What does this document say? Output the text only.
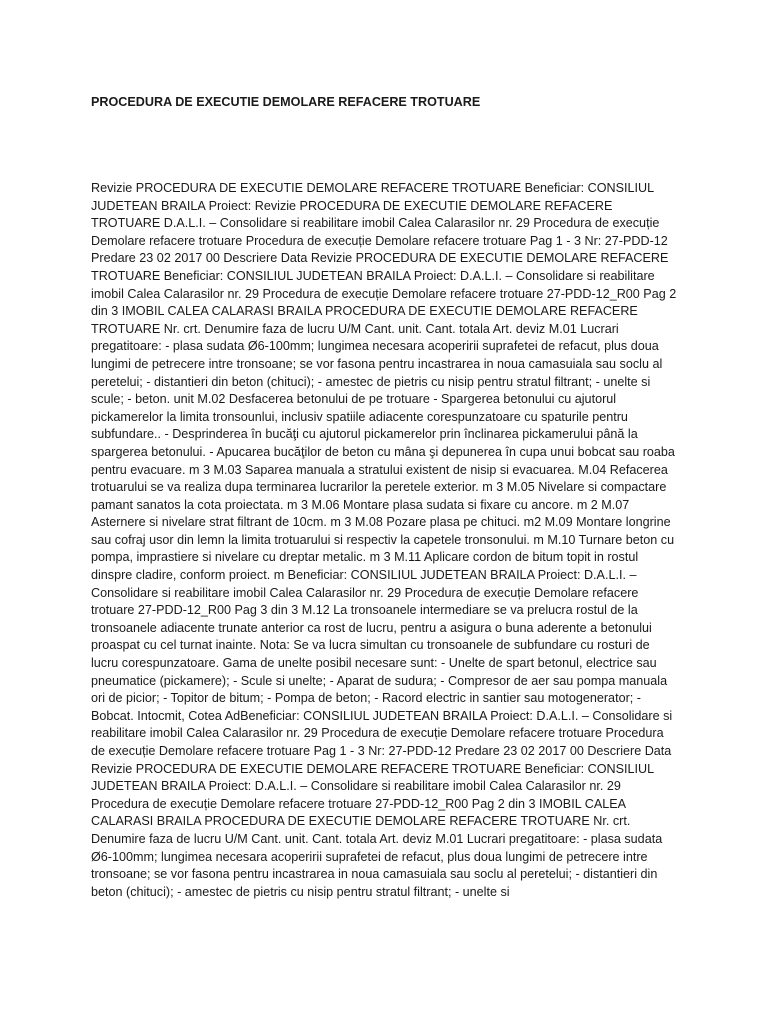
PROCEDURA DE EXECUTIE DEMOLARE REFACERE TROTUARE

Revizie PROCEDURA DE EXECUTIE DEMOLARE REFACERE TROTUARE Beneficiar: CONSILIUL JUDETEAN BRAILA Proiect: Revizie PROCEDURA DE EXECUTIE DEMOLARE REFACERE TROTUARE D.A.L.I. – Consolidare si reabilitare imobil Calea Calarasilor nr. 29 Procedura de execuție Demolare refacere trotuare Procedura de execuție Demolare refacere trotuare Pag 1 - 3 Nr: 27-PDD-12 Predare 23 02 2017 00 Descriere Data Revizie PROCEDURA DE EXECUTIE DEMOLARE REFACERE TROTUARE Beneficiar: CONSILIUL JUDETEAN BRAILA Proiect: D.A.L.I. – Consolidare si reabilitare imobil Calea Calarasilor nr. 29 Procedura de execuție Demolare refacere trotuare 27-PDD-12_R00 Pag 2 din 3 IMOBIL CALEA CALARASI BRAILA PROCEDURA DE EXECUTIE DEMOLARE REFACERE TROTUARE Nr. crt. Denumire faza de lucru U/M Cant. unit. Cant. totala Art. deviz M.01 Lucrari pregatitoare: - plasa sudata Ø6-100mm; lungimea necesara acoperirii suprafetei de refacut, plus doua lungimi de petrecere intre tronsoane; se vor fasona pentru incastrarea in noua camasuiala sau soclu al peretelui; - distantieri din beton (chituci); - amestec de pietris cu nisip pentru stratul filtrant; - unelte si scule; - beton. unit M.02 Desfacerea betonului de pe trotuare - Spargerea betonului cu ajutorul pickamerelor la limita tronsounlui, inclusiv spatiile adiacente corespunzatoare cu spaturile pentru subfundare.. - Desprinderea în bucăţi cu ajutorul pickamerelor prin înclinarea pickamerului până la spargerea betonului. - Apucarea bucăţilor de beton cu mâna şi depunerea în cupa unui bobcat sau roaba pentru evacuare. m 3 M.03 Saparea manuala a stratului existent de nisip si evacuarea. M.04 Refacerea trotuarului se va realiza dupa terminarea lucrarilor la peretele exterior. m 3 M.05 Nivelare si compactare pamant sanatos la cota proiectata. m 3 M.06 Montare plasa sudata si fixare cu ancore. m 2 M.07 Asternere si nivelare strat filtrant de 10cm. m 3 M.08 Pozare plasa pe chituci. m2 M.09 Montare longrine sau cofraj usor din lemn la limita trotuarului si respectiv la capetele tronsonului. m M.10 Turnare beton cu pompa, imprastiere si nivelare cu dreptar metalic. m 3 M.11 Aplicare cordon de bitum topit in rostul dinspre cladire, conform proiect. m Beneficiar: CONSILIUL JUDETEAN BRAILA Proiect: D.A.L.I. – Consolidare si reabilitare imobil Calea Calarasilor nr. 29 Procedura de execuție Demolare refacere trotuare 27-PDD-12_R00 Pag 3 din 3 M.12 La tronsoanele intermediare se va prelucra rostul de la tronsoanele adiacente trunate anterior ca rost de lucru, pentru a asigura o buna aderente a betonului proaspat cu cel turnat inainte. Nota: Se va lucra simultan cu tronsoanele de subfundare cu rosturi de lucru corespunzatoare. Gama de unelte posibil necesare sunt: - Unelte de spart betonul, electrice sau pneumatice (pickamere); - Scule si unelte; - Aparat de sudura; - Compresor de aer sau pompa manuala ori de picior; - Topitor de bitum; - Pompa de beton; - Racord electric in santier sau motogenerator; - Bobcat. Intocmit, Cotea AdBeneficiar: CONSILIUL JUDETEAN BRAILA Proiect: D.A.L.I. – Consolidare si reabilitare imobil Calea Calarasilor nr. 29 Procedura de execuție Demolare refacere trotuare Procedura de execuție Demolare refacere trotuare Pag 1 - 3 Nr: 27-PDD-12 Predare 23 02 2017 00 Descriere Data Revizie PROCEDURA DE EXECUTIE DEMOLARE REFACERE TROTUARE Beneficiar: CONSILIUL JUDETEAN BRAILA Proiect: D.A.L.I. – Consolidare si reabilitare imobil Calea Calarasilor nr. 29 Procedura de execuție Demolare refacere trotuare 27-PDD-12_R00 Pag 2 din 3 IMOBIL CALEA CALARASI BRAILA PROCEDURA DE EXECUTIE DEMOLARE REFACERE TROTUARE Nr. crt. Denumire faza de lucru U/M Cant. unit. Cant. totala Art. deviz M.01 Lucrari pregatitoare: - plasa sudata Ø6-100mm; lungimea necesara acoperirii suprafetei de refacut, plus doua lungimi de petrecere intre tronsoane; se vor fasona pentru incastrarea in noua camasuiala sau soclu al peretelui; - distantieri din beton (chituci); - amestec de pietris cu nisip pentru stratul filtrant; - unelte si
